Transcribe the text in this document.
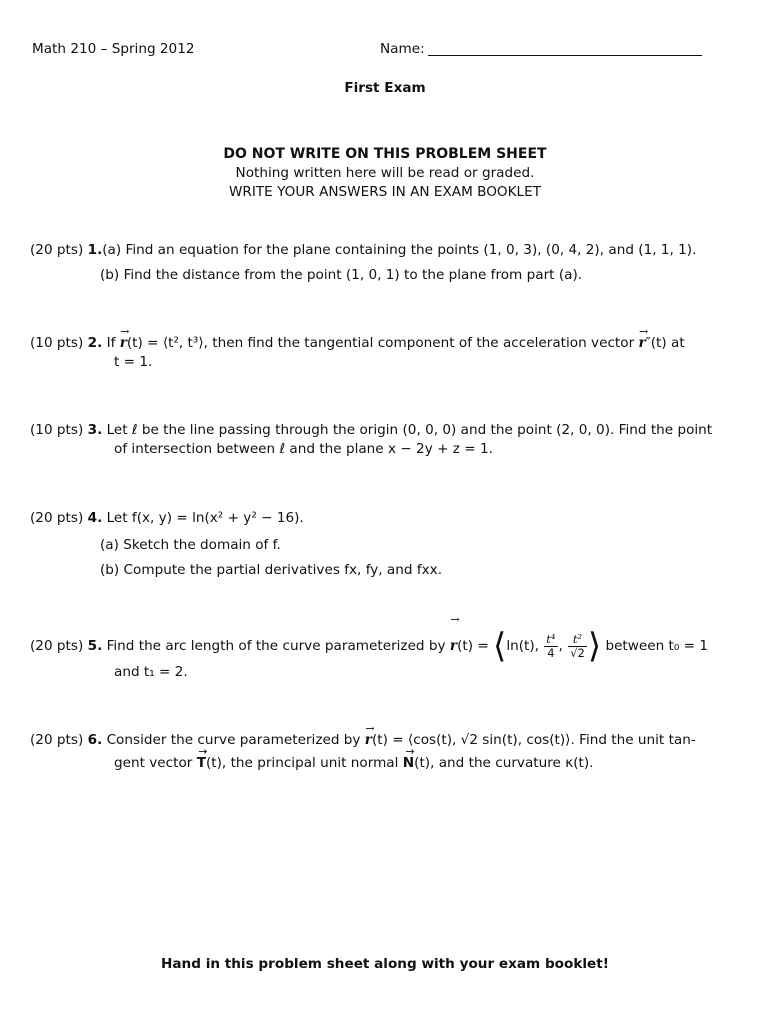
Math 210 – Spring 2012	Name:
First Exam
DO NOT WRITE ON THIS PROBLEM SHEET
Nothing written here will be read or graded.
WRITE YOUR ANSWERS IN AN EXAM BOOKLET
(20 pts) 1.(a) Find an equation for the plane containing the points (1, 0, 3), (0, 4, 2), and (1, 1, 1).
(b) Find the distance from the point (1, 0, 1) to the plane from part (a).
(10 pts) 2. If
→
r(t) = ⟨t², t³⟩, then find the tangential component of the acceleration vector
→
r″(t) at
t = 1.
(10 pts) 3. Let ℓ be the line passing through the origin (0, 0, 0) and the point (2, 0, 0). Find the point
of intersection between ℓ and the plane x − 2y + z = 1.
(20 pts) 4. Let f(x, y) = ln(x² + y² − 16).
(a) Sketch the domain of f.
(b) Compute the partial derivatives fx, fy, and fxx.
(20 pts) 5. Find the arc length of the curve parameterized by
→
r(t) = ⟨ln(t), $\frac{\text{t⁴}}{4}$ , $\frac{\text{t²}}{√2}$ ⟩ between t₀ = 1
and t₁ = 2.
(20 pts) 6. Consider the curve parameterized by
→
r(t) = ⟨cos(t), √2 sin(t), cos(t)⟩. Find the unit tan-
gent vector
→
T(t), the principal unit normal
→
N(t), and the curvature κ(t).
Hand in this problem sheet along with your exam booklet!
